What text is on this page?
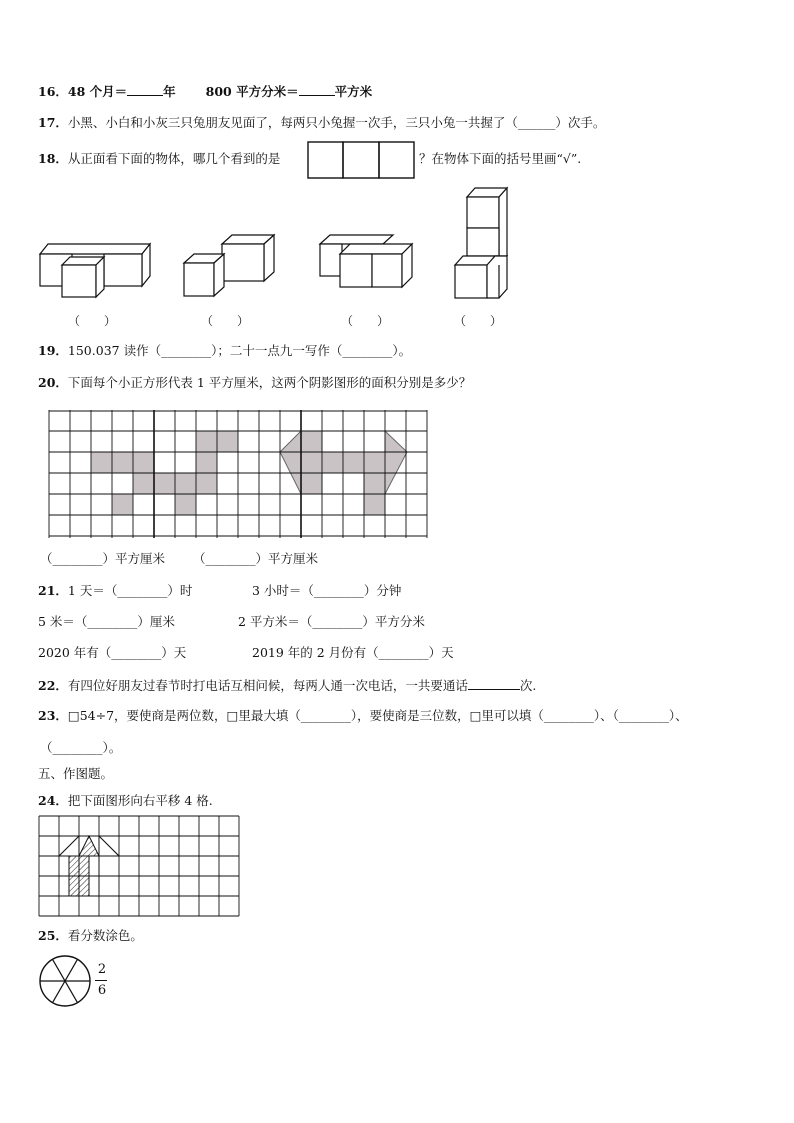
16．48 个月＝	年 800 平方分米＝	平方米
17．小黑、小白和小灰三只兔朋友见面了，每两只小兔握一次手，三只小兔一共握了（______）次手。
18．从正面看下面的物体，哪几个看到的是	？在物体下面的括号里画“√”.
（　　）	（　　）	（　　）	（　　）
19．150.037 读作（________）；二十一点九一写作（________）。
20．下面每个小正方形代表 1 平方厘米，这两个阴影图形的面积分别是多少？
（________）平方厘米 （________）平方厘米
21．1 天＝（________）时	3 小时＝（________）分钟
5 米＝（________）厘米	2 平方米＝（________）平方分米
2020 年有（________）天	2019 年的 2 月份有（________）天
22．有四位好朋友过春节时打电话互相问候，每两人通一次电话，一共要通话	次.
23．□54÷7，要使商是两位数，□里最大填（________），要使商是三位数，□里可以填（________）、（________）、
（________）。
五、作图题。
24．把下面图形向右平移 4 格.
25．看分数涂色。
2
6
